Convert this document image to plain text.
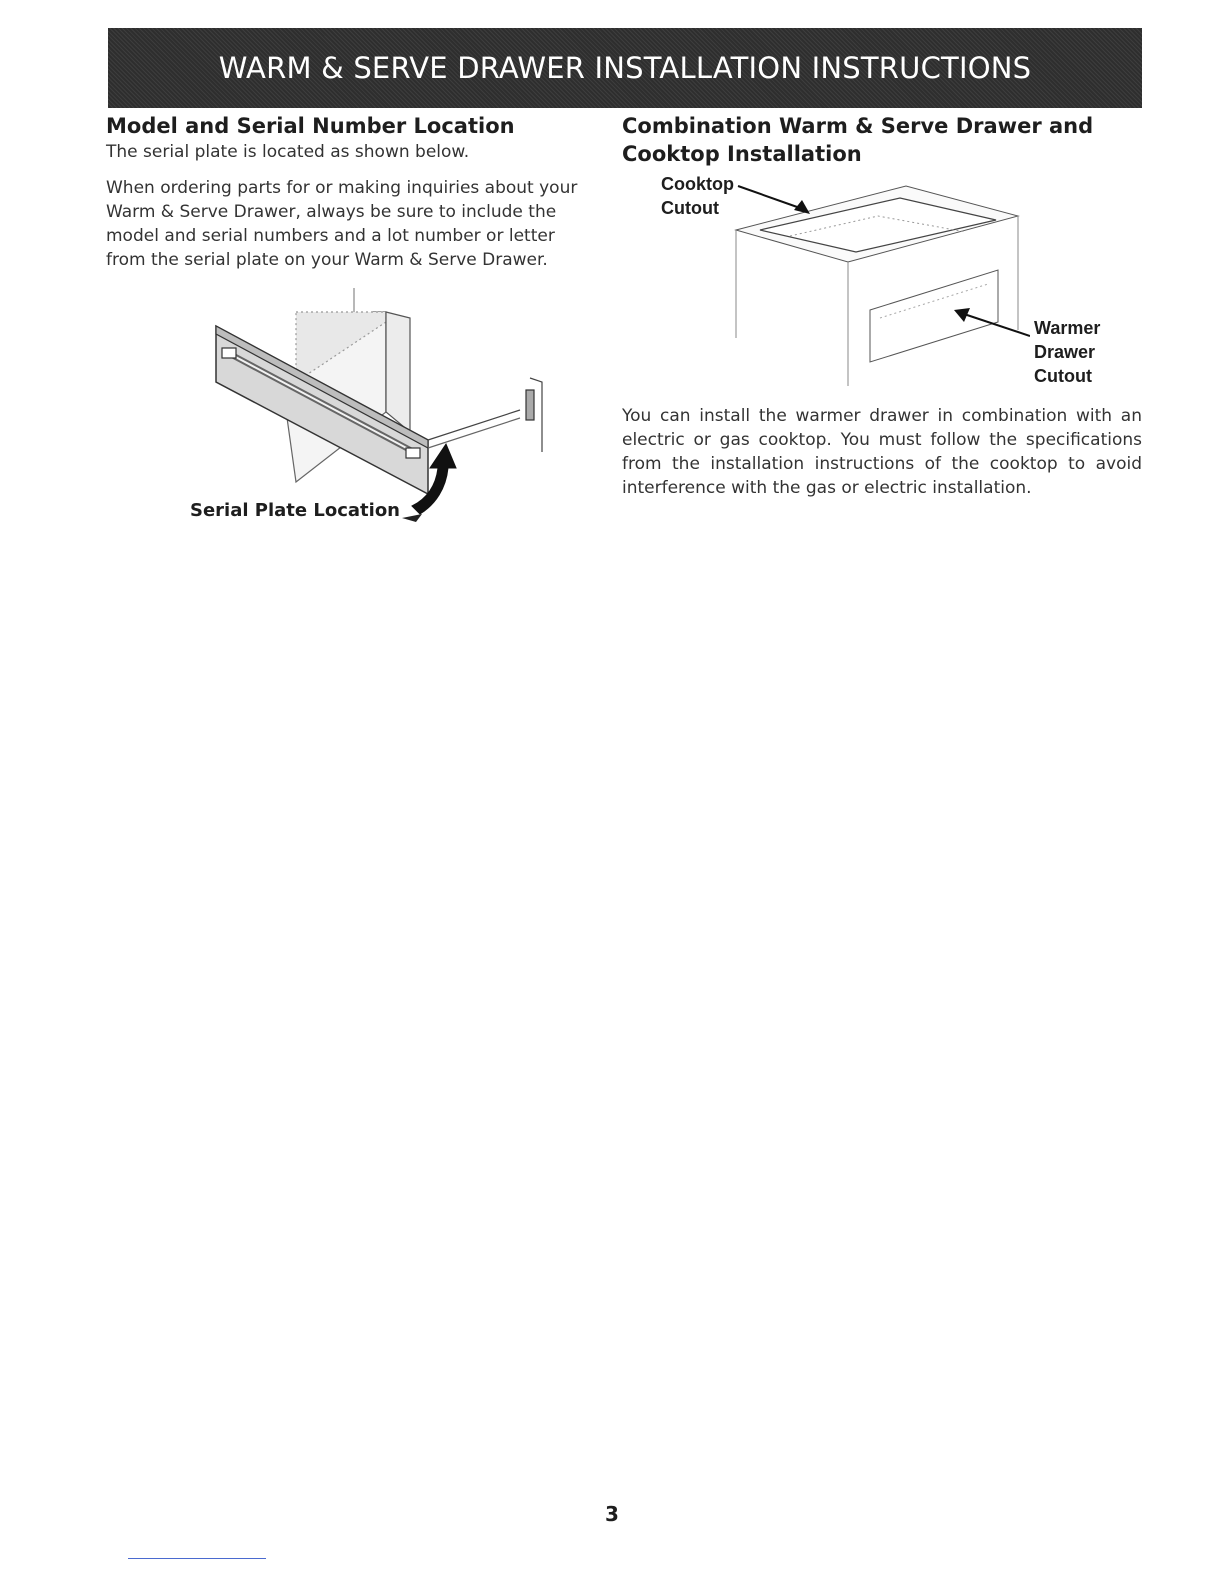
WARM & SERVE DRAWER INSTALLATION INSTRUCTIONS
Model and Serial Number Location

The serial plate is located as shown below.

When ordering parts for or making inquiries about your Warm & Serve Drawer, always be sure to include the model and serial numbers and a lot number or letter from the serial plate on your Warm & Serve Drawer.

Serial Plate Location
Combination Warm & Serve Drawer and Cooktop Installation
Cooktop
Cutout
Warmer
Drawer
Cutout

You can install the warmer drawer in combination with an electric or gas cooktop. You must follow the specifications from the installation instructions of the cooktop to avoid interference with the gas or electric installation.

3
